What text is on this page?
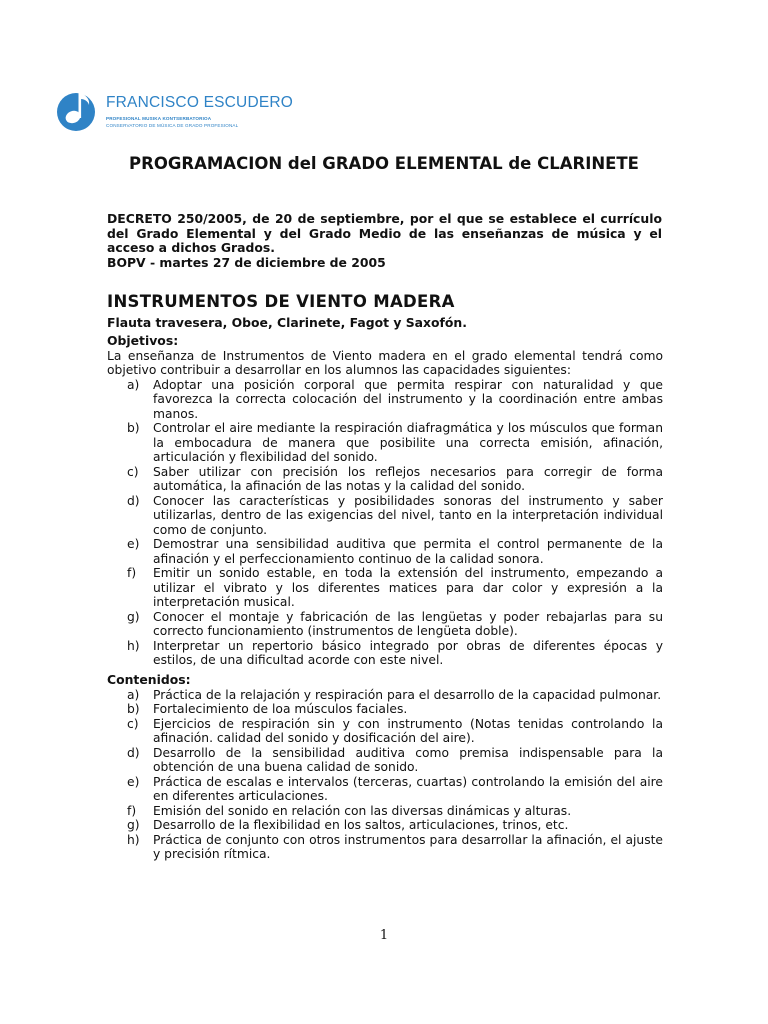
FRANCISCO ESCUDERO
PROFESIONAL MUSIKA KONTSERBATORIOA
CONSERVATORIO DE MÚSICA DE GRADO PROFESIONAL
PROGRAMACION del GRADO ELEMENTAL de CLARINETE
DECRETO 250/2005, de 20 de septiembre, por el que se establece el currículo
del Grado Elemental y del Grado Medio de las enseñanzas de música y el
acceso a dichos Grados.
BOPV - martes 27 de diciembre de 2005
INSTRUMENTOS DE VIENTO MADERA
Flauta travesera, Oboe, Clarinete, Fagot y Saxofón.
Objetivos:
La enseñanza de Instrumentos de Viento madera en el grado elemental tendrá como objetivo contribuir a desarrollar en los alumnos las capacidades siguientes:
a) Adoptar una posición corporal que permita respirar con naturalidad y que favorezca la correcta colocación del instrumento y la coordinación entre ambas manos.
b) Controlar el aire mediante la respiración diafragmática y los músculos que forman la embocadura de manera que posibilite una correcta emisión, afinación, articulación y flexibilidad del sonido.
c) Saber utilizar con precisión los reflejos necesarios para corregir de forma automática, la afinación de las notas y la calidad del sonido.
d) Conocer las características y posibilidades sonoras del instrumento y saber utilizarlas, dentro de las exigencias del nivel, tanto en la interpretación individual como de conjunto.
e) Demostrar una sensibilidad auditiva que permita el control permanente de la afinación y el perfeccionamiento continuo de la calidad sonora.
f) Emitir un sonido estable, en toda la extensión del instrumento, empezando a utilizar el vibrato y los diferentes matices para dar color y expresión a la interpretación musical.
g) Conocer el montaje y fabricación de las lengüetas y poder rebajarlas para su correcto funcionamiento (instrumentos de lengüeta doble).
h) Interpretar un repertorio básico integrado por obras de diferentes épocas y estilos, de una dificultad acorde con este nivel.
Contenidos:
a) Práctica de la relajación y respiración para el desarrollo de la capacidad pulmonar.
b) Fortalecimiento de loa músculos faciales.
c) Ejercicios de respiración sin y con instrumento (Notas tenidas controlando la afinación. calidad del sonido y dosificación del aire).
d) Desarrollo de la sensibilidad auditiva como premisa indispensable para la obtención de una buena calidad de sonido.
e) Práctica de escalas e intervalos (terceras, cuartas) controlando la emisión del aire en diferentes articulaciones.
f) Emisión del sonido en relación con las diversas dinámicas y alturas.
g) Desarrollo de la flexibilidad en los saltos, articulaciones, trinos, etc.
h) Práctica de conjunto con otros instrumentos para desarrollar la afinación, el ajuste y precisión rítmica.
1
